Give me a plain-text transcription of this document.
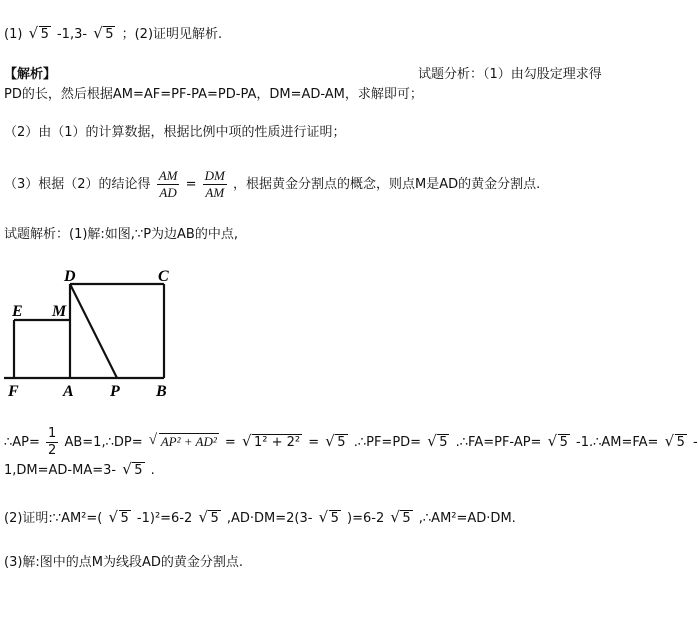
(1) √ 5 -1,3- √ 5 ；(2)证明见解析.
【解析】	试题分析：（1）由勾股定理求得
PD的长，然后根据AM=AF=PF-PA=PD-PA，DM=AD-AM，求解即可；
（2）由（1）的计算数据，根据比例中项的性质进行证明；
（3）根据（2）的结论得 $\frac{AM}{AD} = \frac{DM}{AM}$ ，根据黄金分割点的概念，则点M是AD的黄金分割点.
试题解析：(1)解:如图,∵P为边AB的中点,
D	C
E M
F	A P B
∴AP= $\frac{1}{2}$ AB=1,∴DP= √ AP² + AD² = √ 1² + 2² = √ 5 .∴PF=PD= √ 5 .∴FA=PF-AP= √ 5 -1.∴AM=FA= √ 5 -
1,DM=AD-MA=3- √ 5 .
(2)证明:∵AM²=( √ 5 -1)²=6-2 √ 5 ,AD·DM=2(3- √ 5 )=6-2 √ 5 ,∴AM²=AD·DM.
(3)解:图中的点M为线段AD的黄金分割点.
